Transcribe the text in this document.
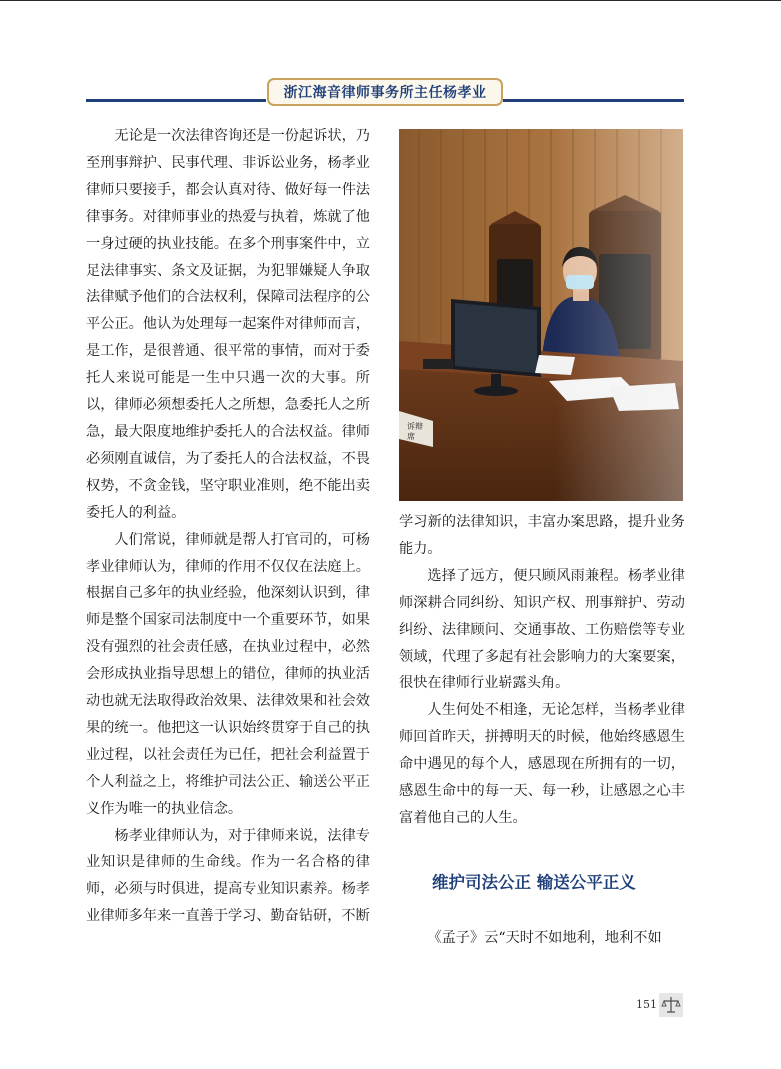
浙江海音律师事务所主任杨孝业

无论是一次法律咨询还是一份起诉状，乃至刑事辩护、民事代理、非诉讼业务，杨孝业律师只要接手，都会认真对待、做好每一件法律事务。对律师事业的热爱与执着，炼就了他一身过硬的执业技能。在多个刑事案件中，立足法律事实、条文及证据，为犯罪嫌疑人争取法律赋予他们的合法权利，保障司法程序的公平公正。他认为处理每一起案件对律师而言，是工作，是很普通、很平常的事情，而对于委托人来说可能是一生中只遇一次的大事。所以，律师必须想委托人之所想，急委托人之所急，最大限度地维护委托人的合法权益。律师必须刚直诚信，为了委托人的合法权益，不畏权势，不贪金钱，坚守职业准则，绝不能出卖委托人的利益。

人们常说，律师就是帮人打官司的，可杨孝业律师认为，律师的作用不仅仅在法庭上。根据自己多年的执业经验，他深刻认识到，律师是整个国家司法制度中一个重要环节，如果没有强烈的社会责任感，在执业过程中，必然会形成执业指导思想上的错位，律师的执业活动也就无法取得政治效果、法律效果和社会效果的统一。他把这一认识始终贯穿于自己的执业过程，以社会责任为已任，把社会利益置于个人利益之上，将维护司法公正、输送公平正义作为唯一的执业信念。

杨孝业律师认为，对于律师来说，法律专业知识是律师的生命线。作为一名合格的律师，必须与时俱进，提高专业知识素养。杨孝业律师多年来一直善于学习、勤奋钻研，不断

学习新的法律知识，丰富办案思路，提升业务能力。

选择了远方，便只顾风雨兼程。杨孝业律师深耕合同纠纷、知识产权、刑事辩护、劳动纠纷、法律顾问、交通事故、工伤赔偿等专业领域，代理了多起有社会影响力的大案要案，很快在律师行业崭露头角。

人生何处不相逢，无论怎样，当杨孝业律师回首昨天，拼搏明天的时候，他始终感恩生命中遇见的每个人，感恩现在所拥有的一切，感恩生命中的每一天、每一秒，让感恩之心丰富着他自己的人生。

维护司法公正 输送公平正义

《孟子》云“天时不如地利，地利不如

151
